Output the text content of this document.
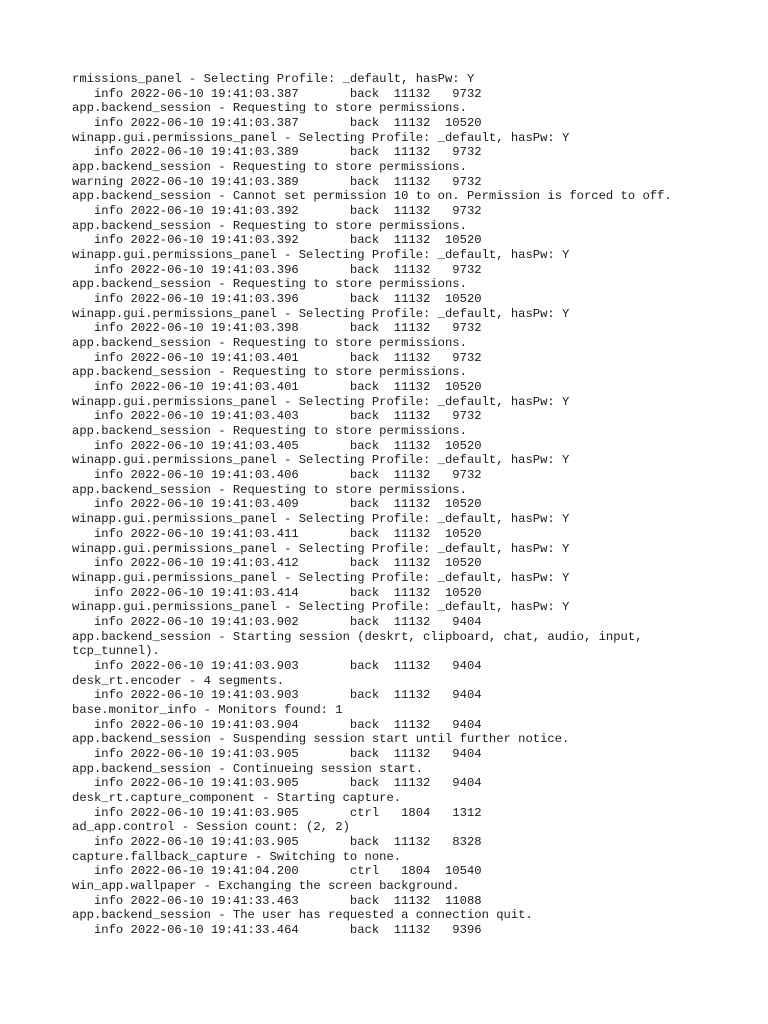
rmissions_panel - Selecting Profile: _default, hasPw: Y
info 2022-06-10 19:41:03.387       back  11132   9732
app.backend_session - Requesting to store permissions.
info 2022-06-10 19:41:03.387       back  11132  10520
winapp.gui.permissions_panel - Selecting Profile: _default, hasPw: Y
info 2022-06-10 19:41:03.389       back  11132   9732
app.backend_session - Requesting to store permissions.
warning 2022-06-10 19:41:03.389       back  11132   9732
app.backend_session - Cannot set permission 10 to on. Permission is forced to off.
info 2022-06-10 19:41:03.392       back  11132   9732
app.backend_session - Requesting to store permissions.
info 2022-06-10 19:41:03.392       back  11132  10520
winapp.gui.permissions_panel - Selecting Profile: _default, hasPw: Y
info 2022-06-10 19:41:03.396       back  11132   9732
app.backend_session - Requesting to store permissions.
info 2022-06-10 19:41:03.396       back  11132  10520
winapp.gui.permissions_panel - Selecting Profile: _default, hasPw: Y
info 2022-06-10 19:41:03.398       back  11132   9732
app.backend_session - Requesting to store permissions.
info 2022-06-10 19:41:03.401       back  11132   9732
app.backend_session - Requesting to store permissions.
info 2022-06-10 19:41:03.401       back  11132  10520
winapp.gui.permissions_panel - Selecting Profile: _default, hasPw: Y
info 2022-06-10 19:41:03.403       back  11132   9732
app.backend_session - Requesting to store permissions.
info 2022-06-10 19:41:03.405       back  11132  10520
winapp.gui.permissions_panel - Selecting Profile: _default, hasPw: Y
info 2022-06-10 19:41:03.406       back  11132   9732
app.backend_session - Requesting to store permissions.
info 2022-06-10 19:41:03.409       back  11132  10520
winapp.gui.permissions_panel - Selecting Profile: _default, hasPw: Y
info 2022-06-10 19:41:03.411       back  11132  10520
winapp.gui.permissions_panel - Selecting Profile: _default, hasPw: Y
info 2022-06-10 19:41:03.412       back  11132  10520
winapp.gui.permissions_panel - Selecting Profile: _default, hasPw: Y
info 2022-06-10 19:41:03.414       back  11132  10520
winapp.gui.permissions_panel - Selecting Profile: _default, hasPw: Y
info 2022-06-10 19:41:03.902       back  11132   9404
app.backend_session - Starting session (deskrt, clipboard, chat, audio, input,
tcp_tunnel).
info 2022-06-10 19:41:03.903       back  11132   9404
desk_rt.encoder - 4 segments.
info 2022-06-10 19:41:03.903       back  11132   9404
base.monitor_info - Monitors found: 1
info 2022-06-10 19:41:03.904       back  11132   9404
app.backend_session - Suspending session start until further notice.
info 2022-06-10 19:41:03.905       back  11132   9404
app.backend_session - Continueing session start.
info 2022-06-10 19:41:03.905       back  11132   9404
desk_rt.capture_component - Starting capture.
info 2022-06-10 19:41:03.905       ctrl   1804   1312
ad_app.control - Session count: (2, 2)
info 2022-06-10 19:41:03.905       back  11132   8328
capture.fallback_capture - Switching to none.
info 2022-06-10 19:41:04.200       ctrl   1804  10540
win_app.wallpaper - Exchanging the screen background.
info 2022-06-10 19:41:33.463       back  11132  11088
app.backend_session - The user has requested a connection quit.
info 2022-06-10 19:41:33.464       back  11132   9396
